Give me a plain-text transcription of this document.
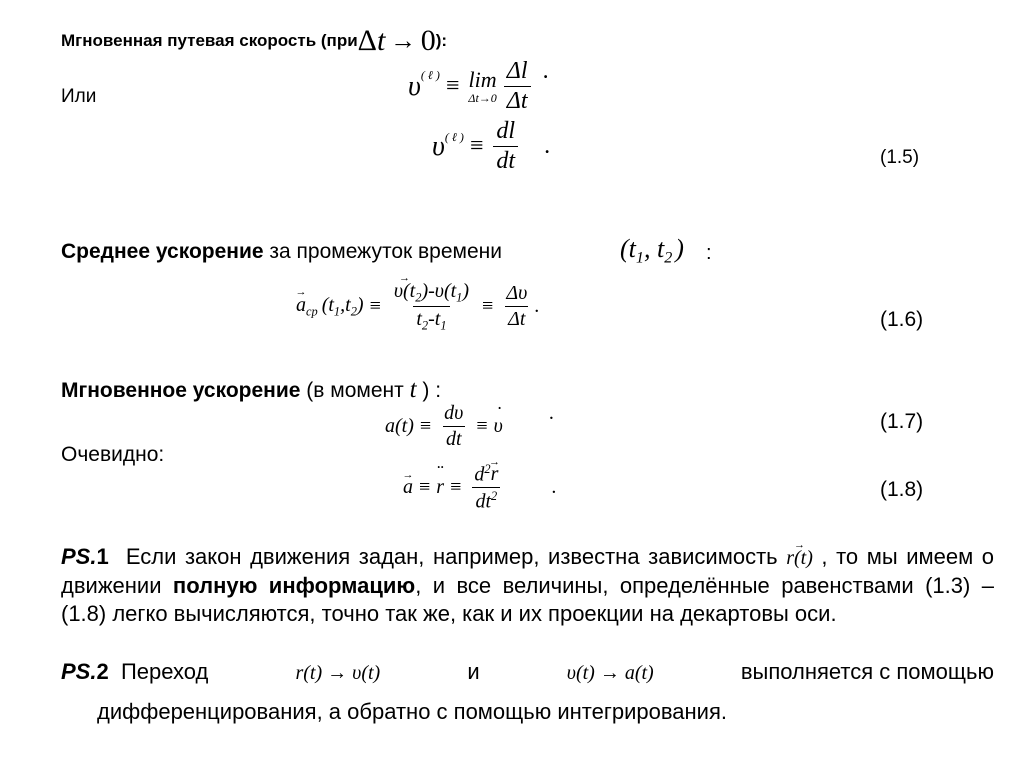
Мгновенная путевая скорость (приΔt → 0):
Или	υ ( ℓ ) ≡ lim
$\Delta t\to 0 \frac{\Delta l}{\Delta t}$ .
υ ( ℓ ) ≡ $\frac{dl}{dt}$ .	(1.5)
Среднее ускорение за промежуток времени	($t_1$, $t_2$ ) :
→ $a_{ср}$ $(t_1,t_2)$ ≡ → $\frac{\upsilon(t_2)-\upsilon(t_1)}{t_2-t_1} \equiv \frac{\Delta\upsilon}{\Delta t}$ .
(1.6)
Мгновенное ускорение (в момент t ) :
$a(t) \equiv \frac{d\upsilon}{dt} \equiv \upsilon$ ˙
.	(1.7)
Очевидно:
→ a ≡ r ¨ ≡ $\frac{d^2\to r}{dt^2}$	.	(1.8)
PS.1 Если закон движения задан, например, известна зависимость → r(t) , то мы имеем о движении полную информацию, и все величины, определённые равенствами (1.3) – (1.8) легко вычисляются, точно так же, как и их проекции на декартовы оси.
PS.2 Переход	r(t) → υ(t)	и	υ(t) → a(t)	выполняется с помощью
дифференцирования, а обратно с помощью интегрирования.
